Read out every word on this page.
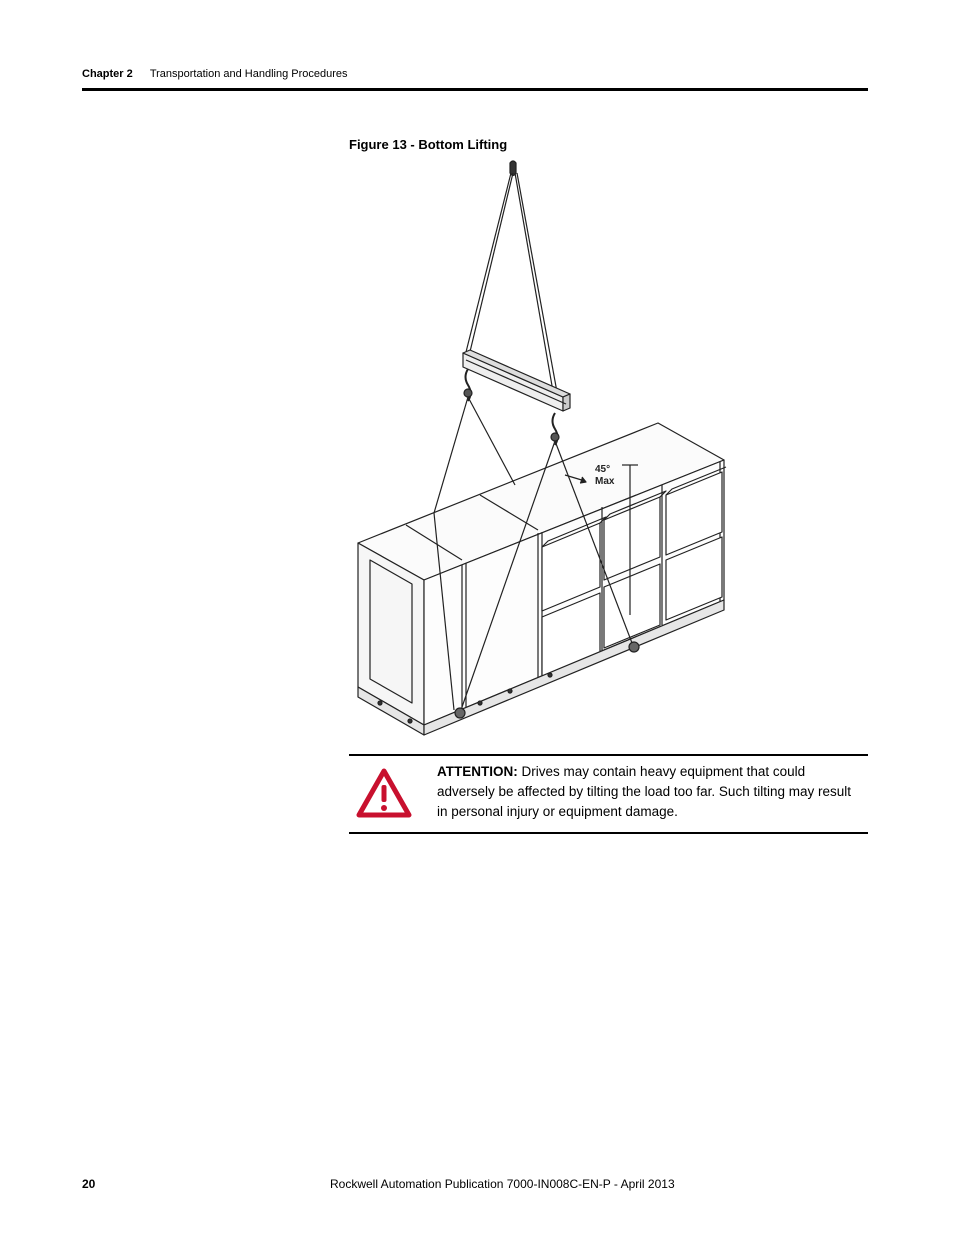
Chapter 2 Transportation and Handling Procedures
Figure 13 - Bottom Lifting
45°
Max
ATTENTION: Drives may contain heavy equipment that could adversely be affected by tilting the load too far. Such tilting may result in personal injury or equipment damage.
20	Rockwell Automation Publication 7000-IN008C-EN-P - April 2013
